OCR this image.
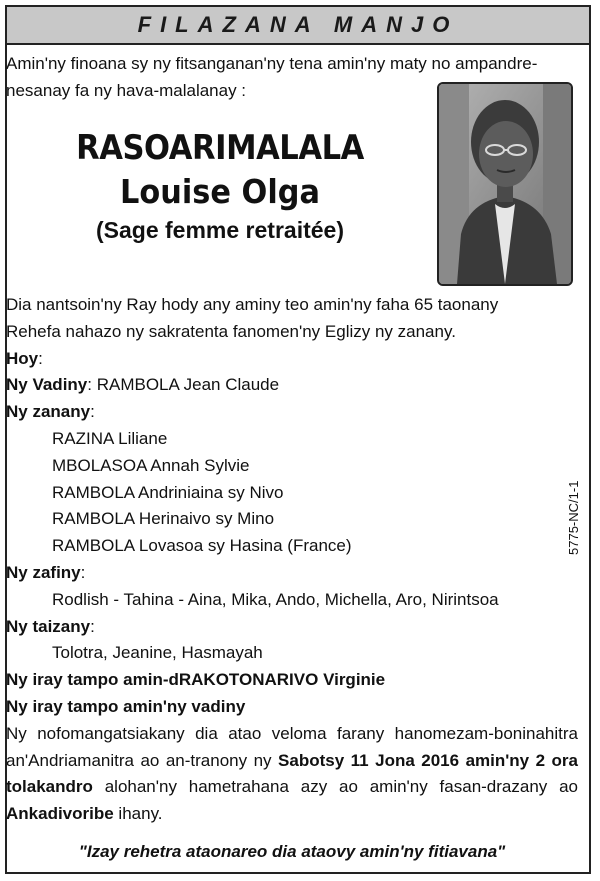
FILAZANA MANJO
Amin'ny finoana sy ny fitsanganan'ny tena amin'ny maty no ampandre-
nesanay fa ny hava-malalanay :
RASOARIMALALA
Louise Olga
(Sage femme retraitée)
Dia nantsoin'ny Ray hody any aminy teo amin'ny faha 65 taonany
Rehefa nahazo ny sakratenta fanomen'ny Eglizy ny zanany.
Hoy:
Ny Vadiny: RAMBOLA Jean Claude
Ny zanany:
RAZINA Liliane
MBOLASOA Annah Sylvie
RAMBOLA Andriniaina sy Nivo
RAMBOLA Herinaivo sy Mino
RAMBOLA Lovasoa sy Hasina (France)
Ny zafiny:
Rodlish - Tahina - Aina, Mika, Ando, Michella, Aro, Nirintsoa
Ny taizany:
Tolotra, Jeanine, Hasmayah
Ny iray tampo amin-dRAKOTONARIVO Virginie
Ny iray tampo amin'ny vadiny
Ny nofomangatsiakany dia atao veloma farany hanomezam-boninahitra an'Andriamanitra ao an-tranony ny Sabotsy 11 Jona 2016 amin'ny 2 ora tolakandro alohan'ny hametrahana azy ao amin'ny fasan-drazany ao Ankadivoribe ihany.
"Izay rehetra ataonareo dia ataovy amin'ny fitiavana"
5775-NC/1-1
